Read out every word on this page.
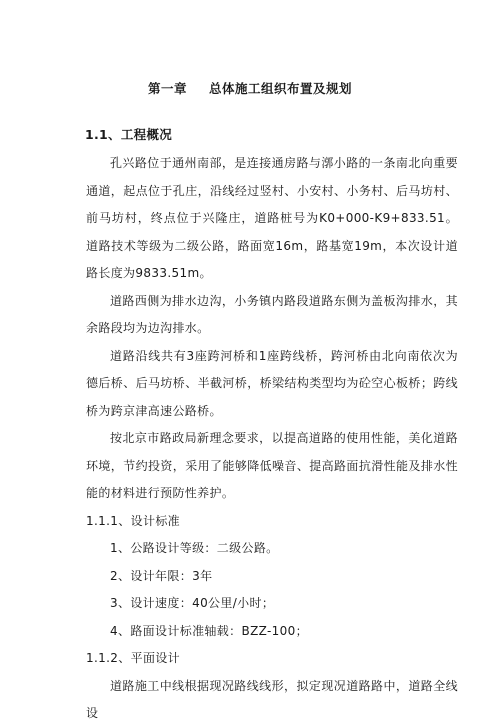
第一章 总体施工组织布置及规划
1.1、工程概况

孔兴路位于通州南部，是连接通房路与漷小路的一条南北向重要通道，起点位于孔庄，沿线经过竖村、小安村、小务村、后马坊村、前马坊村，终点位于兴隆庄，道路桩号为K0+000-K9+833.51。道路技术等级为二级公路，路面宽16m，路基宽19m，本次设计道路长度为9833.51m。

道路西侧为排水边沟，小务镇内路段道路东侧为盖板沟排水，其余路段均为边沟排水。

道路沿线共有3座跨河桥和1座跨线桥，跨河桥由北向南依次为德后桥、后马坊桥、半截河桥，桥梁结构类型均为砼空心板桥；跨线桥为跨京津高速公路桥。

按北京市路政局新理念要求，以提高道路的使用性能，美化道路环境，节约投资，采用了能够降低噪音、提高路面抗滑性能及排水性能的材料进行预防性养护。

1.1.1、设计标准

1、公路设计等级：二级公路。

2、设计年限：3年

3、设计速度：40公里/小时；

4、路面设计标准轴载：BZZ-100；

1.1.2、平面设计

道路施工中线根据现况路线线形，拟定现况道路路中，道路全线设
